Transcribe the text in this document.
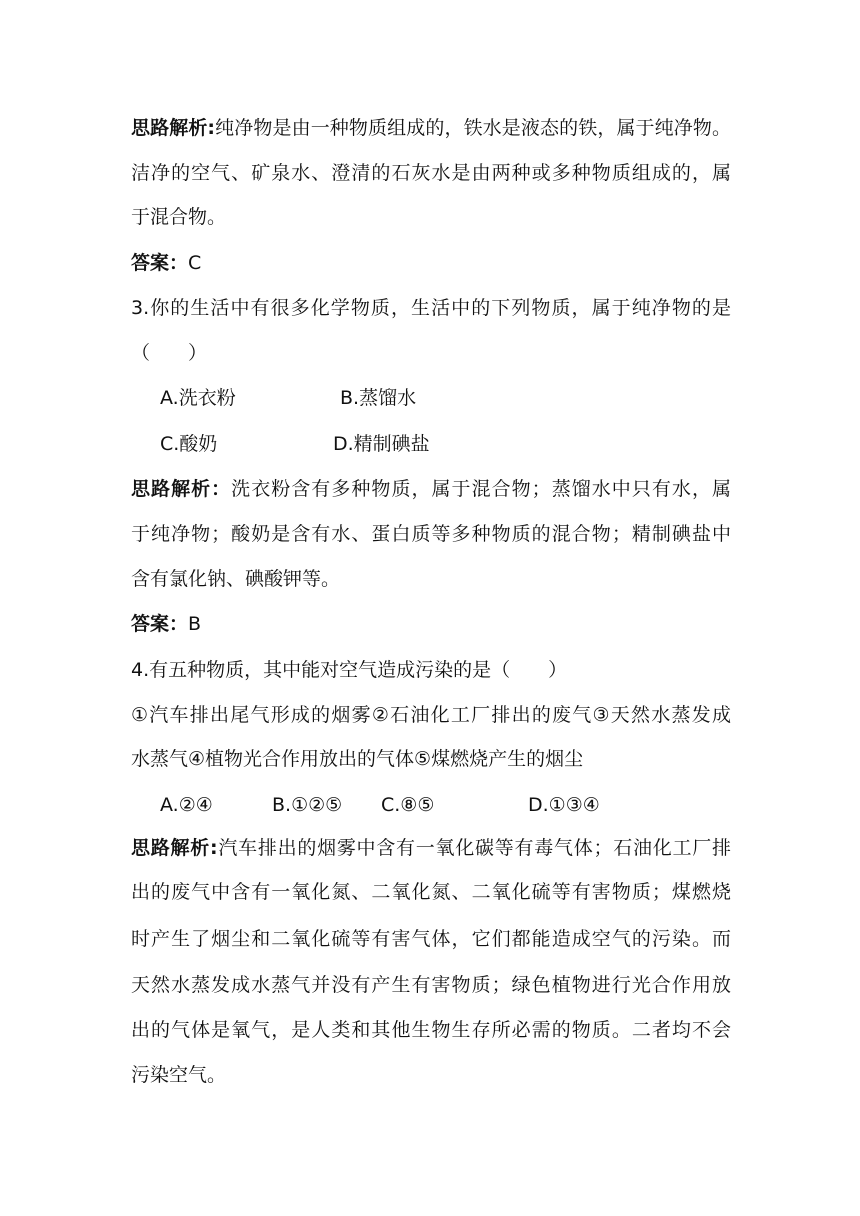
思路解析:纯净物是由一种物质组成的，铁水是液态的铁，属于纯净物。
洁净的空气、矿泉水、澄清的石灰水是由两种或多种物质组成的，属
于混合物。
答案：C
3.你的生活中有很多化学物质，生活中的下列物质，属于纯净物的是
（　　）
A.洗衣粉	B.蒸馏水
C.酸奶	D.精制碘盐
思路解析：洗衣粉含有多种物质，属于混合物；蒸馏水中只有水，属
于纯净物；酸奶是含有水、蛋白质等多种物质的混合物；精制碘盐中
含有氯化钠、碘酸钾等。
答案：B
4.有五种物质，其中能对空气造成污染的是（　　）
①汽车排出尾气形成的烟雾②石油化工厂排出的废气③天然水蒸发成
水蒸气④植物光合作用放出的气体⑤煤燃烧产生的烟尘
A.②④	B.①②⑤ C.⑧⑤	D.①③④
思路解析:汽车排出的烟雾中含有一氧化碳等有毒气体；石油化工厂排
出的废气中含有一氧化氮、二氧化氮、二氧化硫等有害物质；煤燃烧
时产生了烟尘和二氧化硫等有害气体，它们都能造成空气的污染。而
天然水蒸发成水蒸气并没有产生有害物质；绿色植物进行光合作用放
出的气体是氧气，是人类和其他生物生存所必需的物质。二者均不会
污染空气。
